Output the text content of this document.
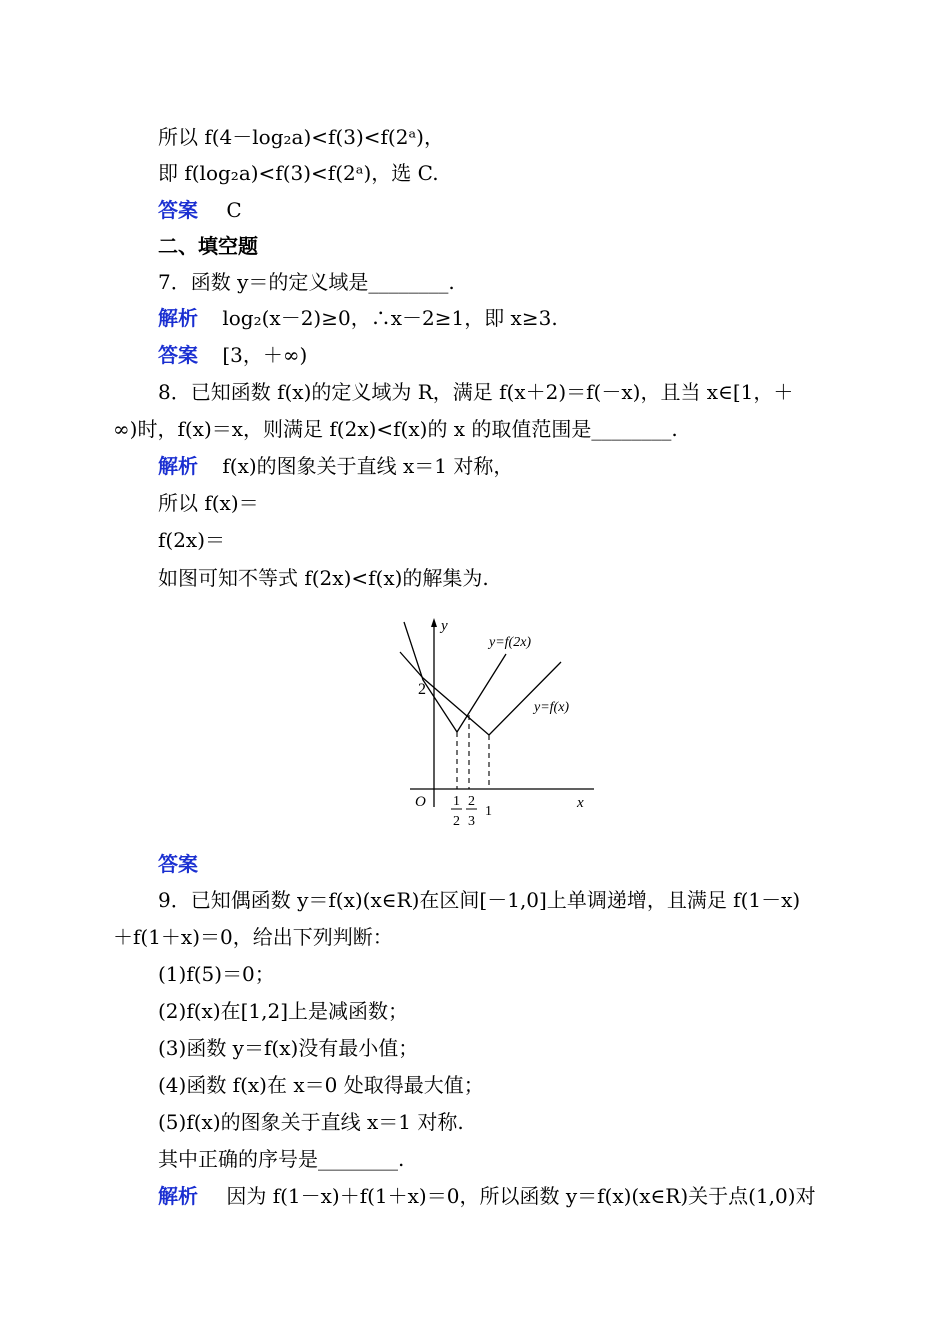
所以 f(4－log₂a)<f(3)<f(2ᵃ)，
即 f(log₂a)<f(3)<f(2ᵃ)，选 C.
答案 C
二、填空题
7．函数 y＝的定义域是________.
解析 log₂(x－2)≥0，∴x－2≥1，即 x≥3.
答案 [3，＋∞)
8．已知函数 f(x)的定义域为 R，满足 f(x＋2)＝f(－x)，且当 x∈[1，＋
∞)时，f(x)＝x，则满足 f(2x)<f(x)的 x 的取值范围是________.
解析 f(x)的图象关于直线 x＝1 对称，
所以 f(x)＝
f(2x)＝
如图可知不等式 f(2x)<f(x)的解集为.
y
x
O
2
y=f(2x)
y=f(x)
1
2
2
3
1
答案
9．已知偶函数 y＝f(x)(x∈R)在区间[－1,0]上单调递增，且满足 f(1－x)
＋f(1＋x)＝0，给出下列判断：
(1)f(5)＝0；
(2)f(x)在[1,2]上是减函数；
(3)函数 y＝f(x)没有最小值；
(4)函数 f(x)在 x＝0 处取得最大值；
(5)f(x)的图象关于直线 x＝1 对称.
其中正确的序号是________.
解析 因为 f(1－x)＋f(1＋x)＝0，所以函数 y＝f(x)(x∈R)关于点(1,0)对
